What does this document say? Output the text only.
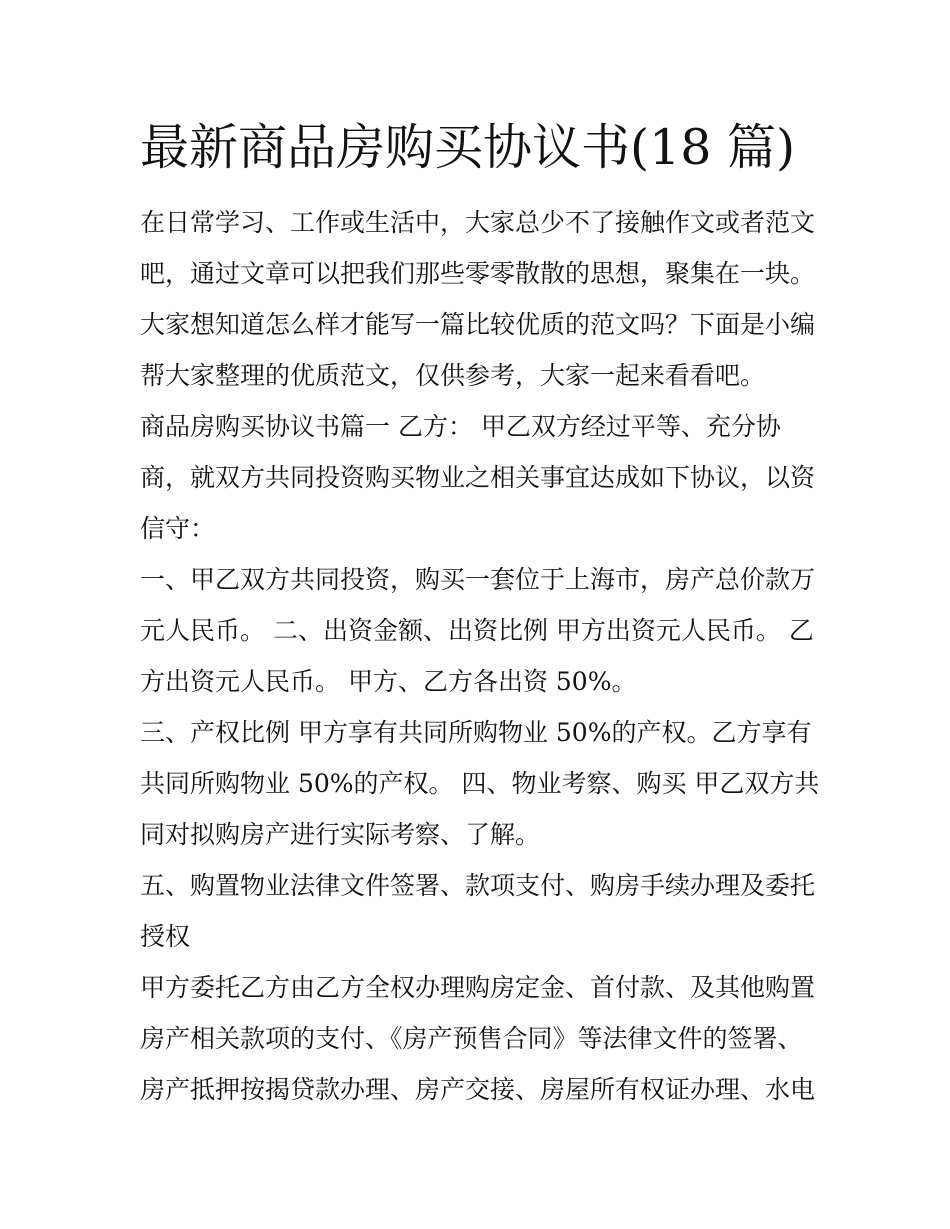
最新商品房购买协议书(18 篇)
在日常学习、工作或生活中，大家总少不了接触作文或者范文
吧，通过文章可以把我们那些零零散散的思想，聚集在一块。
大家想知道怎么样才能写一篇比较优质的范文吗？下面是小编
帮大家整理的优质范文，仅供参考，大家一起来看看吧。
商品房购买协议书篇一 乙方： 甲乙双方经过平等、充分协
商，就双方共同投资购买物业之相关事宜达成如下协议，以资
信守：
一、甲乙双方共同投资，购买一套位于上海市，房产总价款万
元人民币。 二、出资金额、出资比例 甲方出资元人民币。 乙
方出资元人民币。 甲方、乙方各出资 50%。
三、产权比例 甲方享有共同所购物业 50%的产权。乙方享有
共同所购物业 50%的产权。 四、物业考察、购买 甲乙双方共
同对拟购房产进行实际考察、了解。
五、购置物业法律文件签署、款项支付、购房手续办理及委托
授权
甲方委托乙方由乙方全权办理购房定金、首付款、及其他购置
房产相关款项的支付、《房产预售合同》等法律文件的签署、
房产抵押按揭贷款办理、房产交接、房屋所有权证办理、水电
